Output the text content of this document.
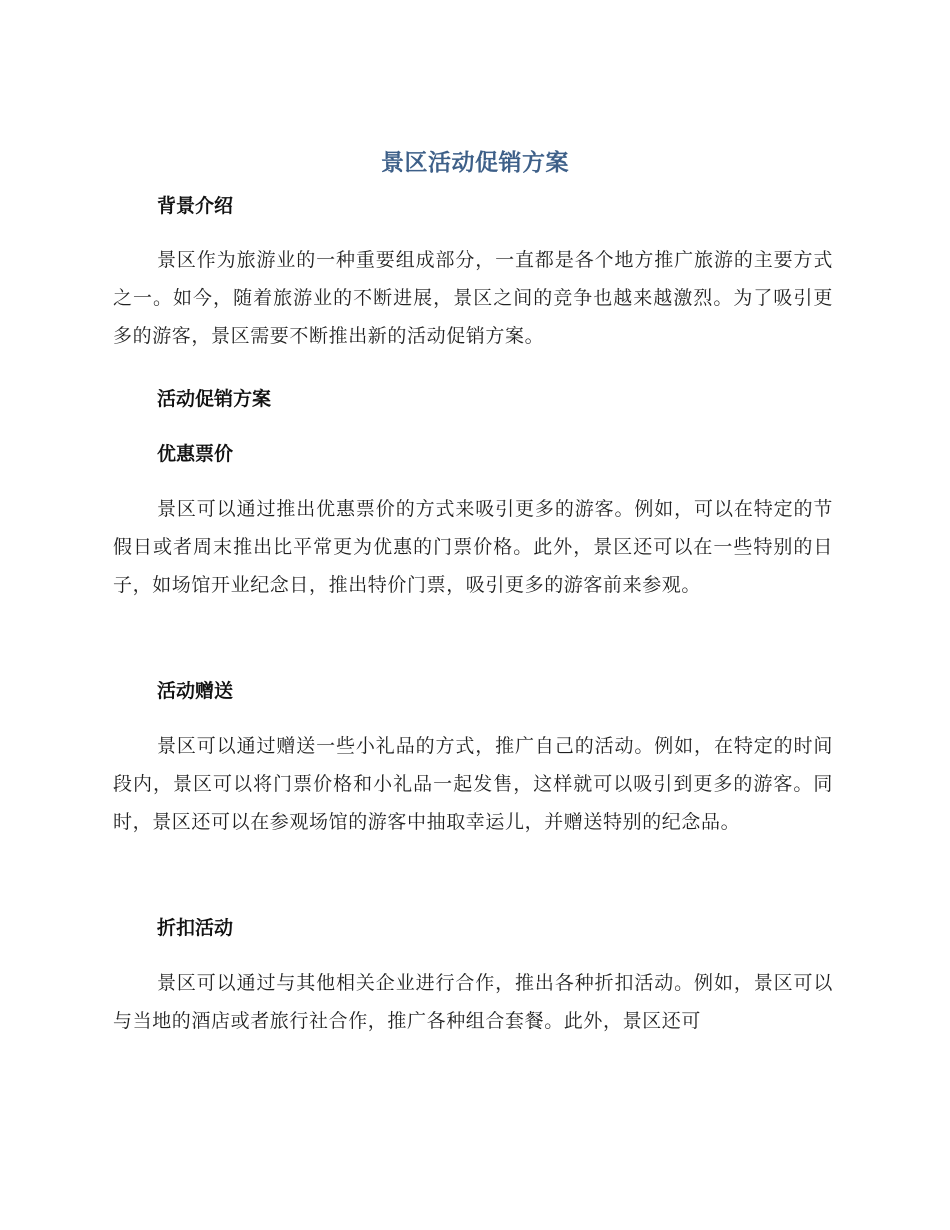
景区活动促销方案
背景介绍
景区作为旅游业的一种重要组成部分，一直都是各个地方推广旅游的主要方式之一。如今，随着旅游业的不断进展，景区之间的竞争也越来越激烈。为了吸引更多的游客，景区需要不断推出新的活动促销方案。
活动促销方案
优惠票价
景区可以通过推出优惠票价的方式来吸引更多的游客。例如，可以在特定的节假日或者周末推出比平常更为优惠的门票价格。此外，景区还可以在一些特别的日子，如场馆开业纪念日，推出特价门票，吸引更多的游客前来参观。
活动赠送
景区可以通过赠送一些小礼品的方式，推广自己的活动。例如，在特定的时间段内，景区可以将门票价格和小礼品一起发售，这样就可以吸引到更多的游客。同时，景区还可以在参观场馆的游客中抽取幸运儿，并赠送特别的纪念品。
折扣活动
景区可以通过与其他相关企业进行合作，推出各种折扣活动。例如，景区可以与当地的酒店或者旅行社合作，推广各种组合套餐。此外，景区还可
